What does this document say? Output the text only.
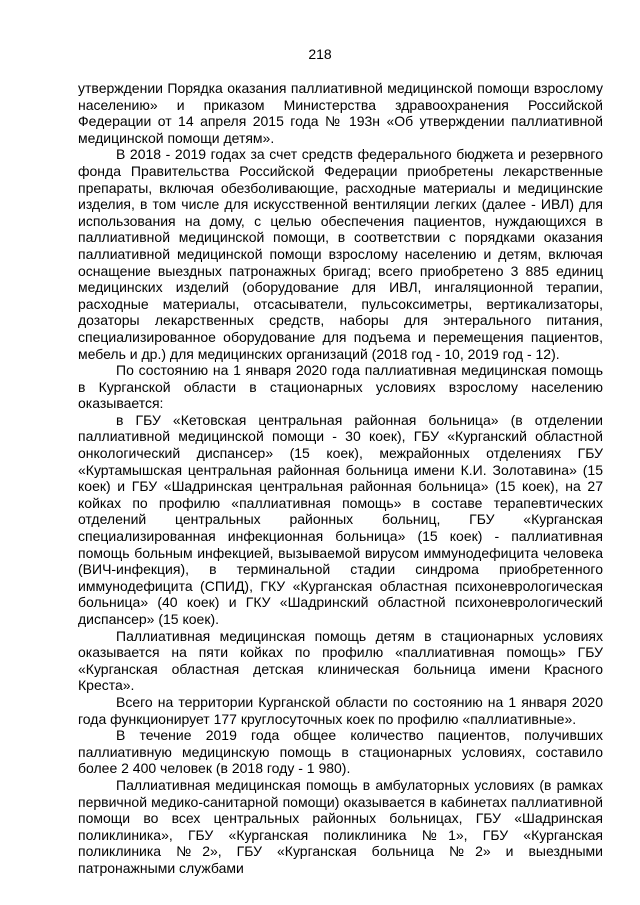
218

утверждении Порядка оказания паллиативной медицинской помощи взрослому населению» и приказом Министерства здравоохранения Российской Федерации от 14 апреля 2015 года № 193н «Об утверждении паллиативной медицинской помощи детям».

В 2018 - 2019 годах за счет средств федерального бюджета и резервного фонда Правительства Российской Федерации приобретены лекарственные препараты, включая обезболивающие, расходные материалы и медицинские изделия, в том числе для искусственной вентиляции легких (далее - ИВЛ) для использования на дому, с целью обеспечения пациентов, нуждающихся в паллиативной медицинской помощи, в соответствии с порядками оказания паллиативной медицинской помощи взрослому населению и детям, включая оснащение выездных патронажных бригад; всего приобретено 3 885 единиц медицинских изделий (оборудование для ИВЛ, ингаляционной терапии, расходные материалы, отсасыватели, пульсоксиметры, вертикализаторы, дозаторы лекарственных средств, наборы для энтерального питания, специализированное оборудование для подъема и перемещения пациентов, мебель и др.) для медицинских организаций (2018 год - 10, 2019 год - 12).

По состоянию на 1 января 2020 года паллиативная медицинская помощь в Курганской области в стационарных условиях взрослому населению оказывается:

в ГБУ «Кетовская центральная районная больница» (в отделении паллиативной медицинской помощи - 30 коек), ГБУ «Курганский областной онкологический диспансер» (15 коек), межрайонных отделениях ГБУ «Куртамышская центральная районная больница имени К.И. Золотавина» (15 коек) и ГБУ «Шадринская центральная районная больница» (15 коек), на 27 койках по профилю «паллиативная помощь» в составе терапевтических отделений центральных районных больниц, ГБУ «Курганская специализированная инфекционная больница» (15 коек) - паллиативная помощь больным инфекцией, вызываемой вирусом иммунодефицита человека (ВИЧ-инфекция), в терминальной стадии синдрома приобретенного иммунодефицита (СПИД), ГКУ «Курганская областная психоневрологическая больница» (40 коек) и ГКУ «Шадринский областной психоневрологический диспансер» (15 коек).

Паллиативная медицинская помощь детям в стационарных условиях оказывается на пяти койках по профилю «паллиативная помощь» ГБУ «Курганская областная детская клиническая больница имени Красного Креста».

Всего на территории Курганской области по состоянию на 1 января 2020 года функционирует 177 круглосуточных коек по профилю «паллиативные».

В течение 2019 года общее количество пациентов, получивших паллиативную медицинскую помощь в стационарных условиях, составило более 2 400 человек (в 2018 году - 1 980).

Паллиативная медицинская помощь в амбулаторных условиях (в рамках первичной медико-санитарной помощи) оказывается в кабинетах паллиативной помощи во всех центральных районных больницах, ГБУ «Шадринская поликлиника», ГБУ «Курганская поликлиника №1», ГБУ «Курганская поликлиника №2», ГБУ «Курганская больница №2» и выездными патронажными службами
